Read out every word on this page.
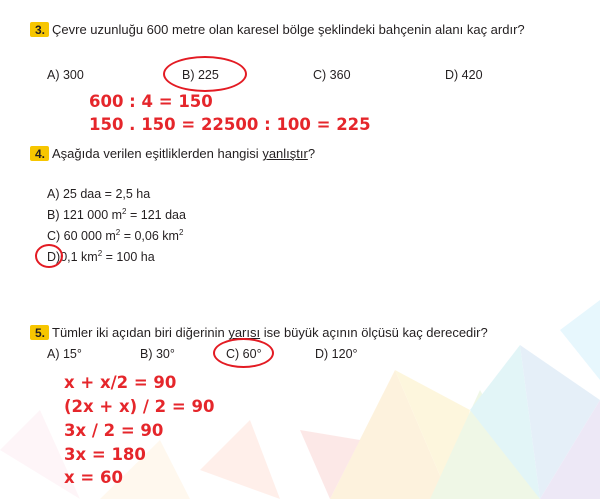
3. Çevre uzunluğu 600 metre olan karesel bölge şeklindeki bahçenin alanı kaç ardır?
A) 300	B) 225	C) 360	D) 420
600 : 4 = 150
150 . 150 = 22500 : 100 = 225
4. Aşağıda verilen eşitliklerden hangisi yanlıştır?
A) 25 daa = 2,5 ha
B) 121 000 $m^2 = 121$ daa
C) 60 000 $m^2 = 0,06$ $km^2$
D)0,1 $km^2 = 100$ ha
5. Tümler iki açıdan biri diğerinin yarısı ise büyük açının ölçüsü kaç derecedir?
A) 15°	B) 30°	C) 60°	D) 120°
x + x/2 = 90
(2x + x) / 2 = 90
3x / 2 = 90
3x = 180
x = 60
